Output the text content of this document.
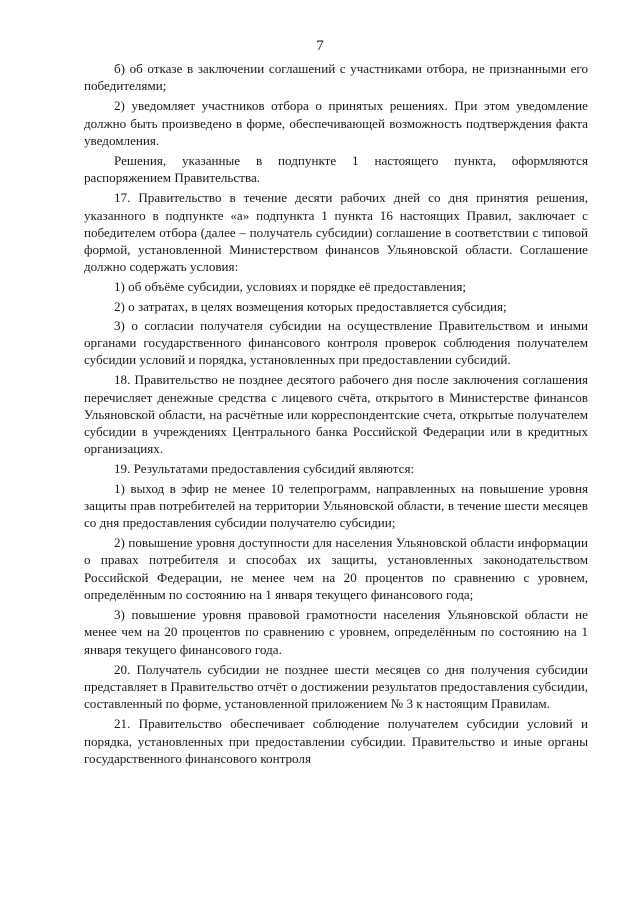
7

б) об отказе в заключении соглашений с участниками отбора, не признанными его победителями;

2) уведомляет участников отбора о принятых решениях. При этом уведомление должно быть произведено в форме, обеспечивающей возможность подтверждения факта уведомления.

Решения, указанные в подпункте 1 настоящего пункта, оформляются распоряжением Правительства.

17. Правительство в течение десяти рабочих дней со дня принятия решения, указанного в подпункте «а» подпункта 1 пункта 16 настоящих Правил, заключает с победителем отбора (далее – получатель субсидии) соглашение в соответствии с типовой формой, установленной Министерством финансов Ульяновской области. Соглашение должно содержать условия:

1) об объёме субсидии, условиях и порядке её предоставления;

2) о затратах, в целях возмещения которых предоставляется субсидия;

3) о согласии получателя субсидии на осуществление Правительством и иными органами государственного финансового контроля проверок соблюдения получателем субсидии условий и порядка, установленных при предоставлении субсидий.

18. Правительство не позднее десятого рабочего дня после заключения соглашения перечисляет денежные средства с лицевого счёта, открытого в Министерстве финансов Ульяновской области, на расчётные или корреспондентские счета, открытые получателем субсидии в учреждениях Центрального банка Российской Федерации или в кредитных организациях.

19. Результатами предоставления субсидий являются:

1) выход в эфир не менее 10 телепрограмм, направленных на повышение уровня защиты прав потребителей на территории Ульяновской области, в течение шести месяцев со дня предоставления субсидии получателю субсидии;

2) повышение уровня доступности для населения Ульяновской области информации о правах потребителя и способах их защиты, установленных законодательством Российской Федерации, не менее чем на 20 процентов по сравнению с уровнем, определённым по состоянию на 1 января текущего финансового года;

3) повышение уровня правовой грамотности населения Ульяновской области не менее чем на 20 процентов по сравнению с уровнем, определённым по состоянию на 1 января текущего финансового года.

20. Получатель субсидии не позднее шести месяцев со дня получения субсидии представляет в Правительство отчёт о достижении результатов предоставления субсидии, составленный по форме, установленной приложением № 3 к настоящим Правилам.

21. Правительство обеспечивает соблюдение получателем субсидии условий и порядка, установленных при предоставлении субсидии. Правительство и иные органы государственного финансового контроля
